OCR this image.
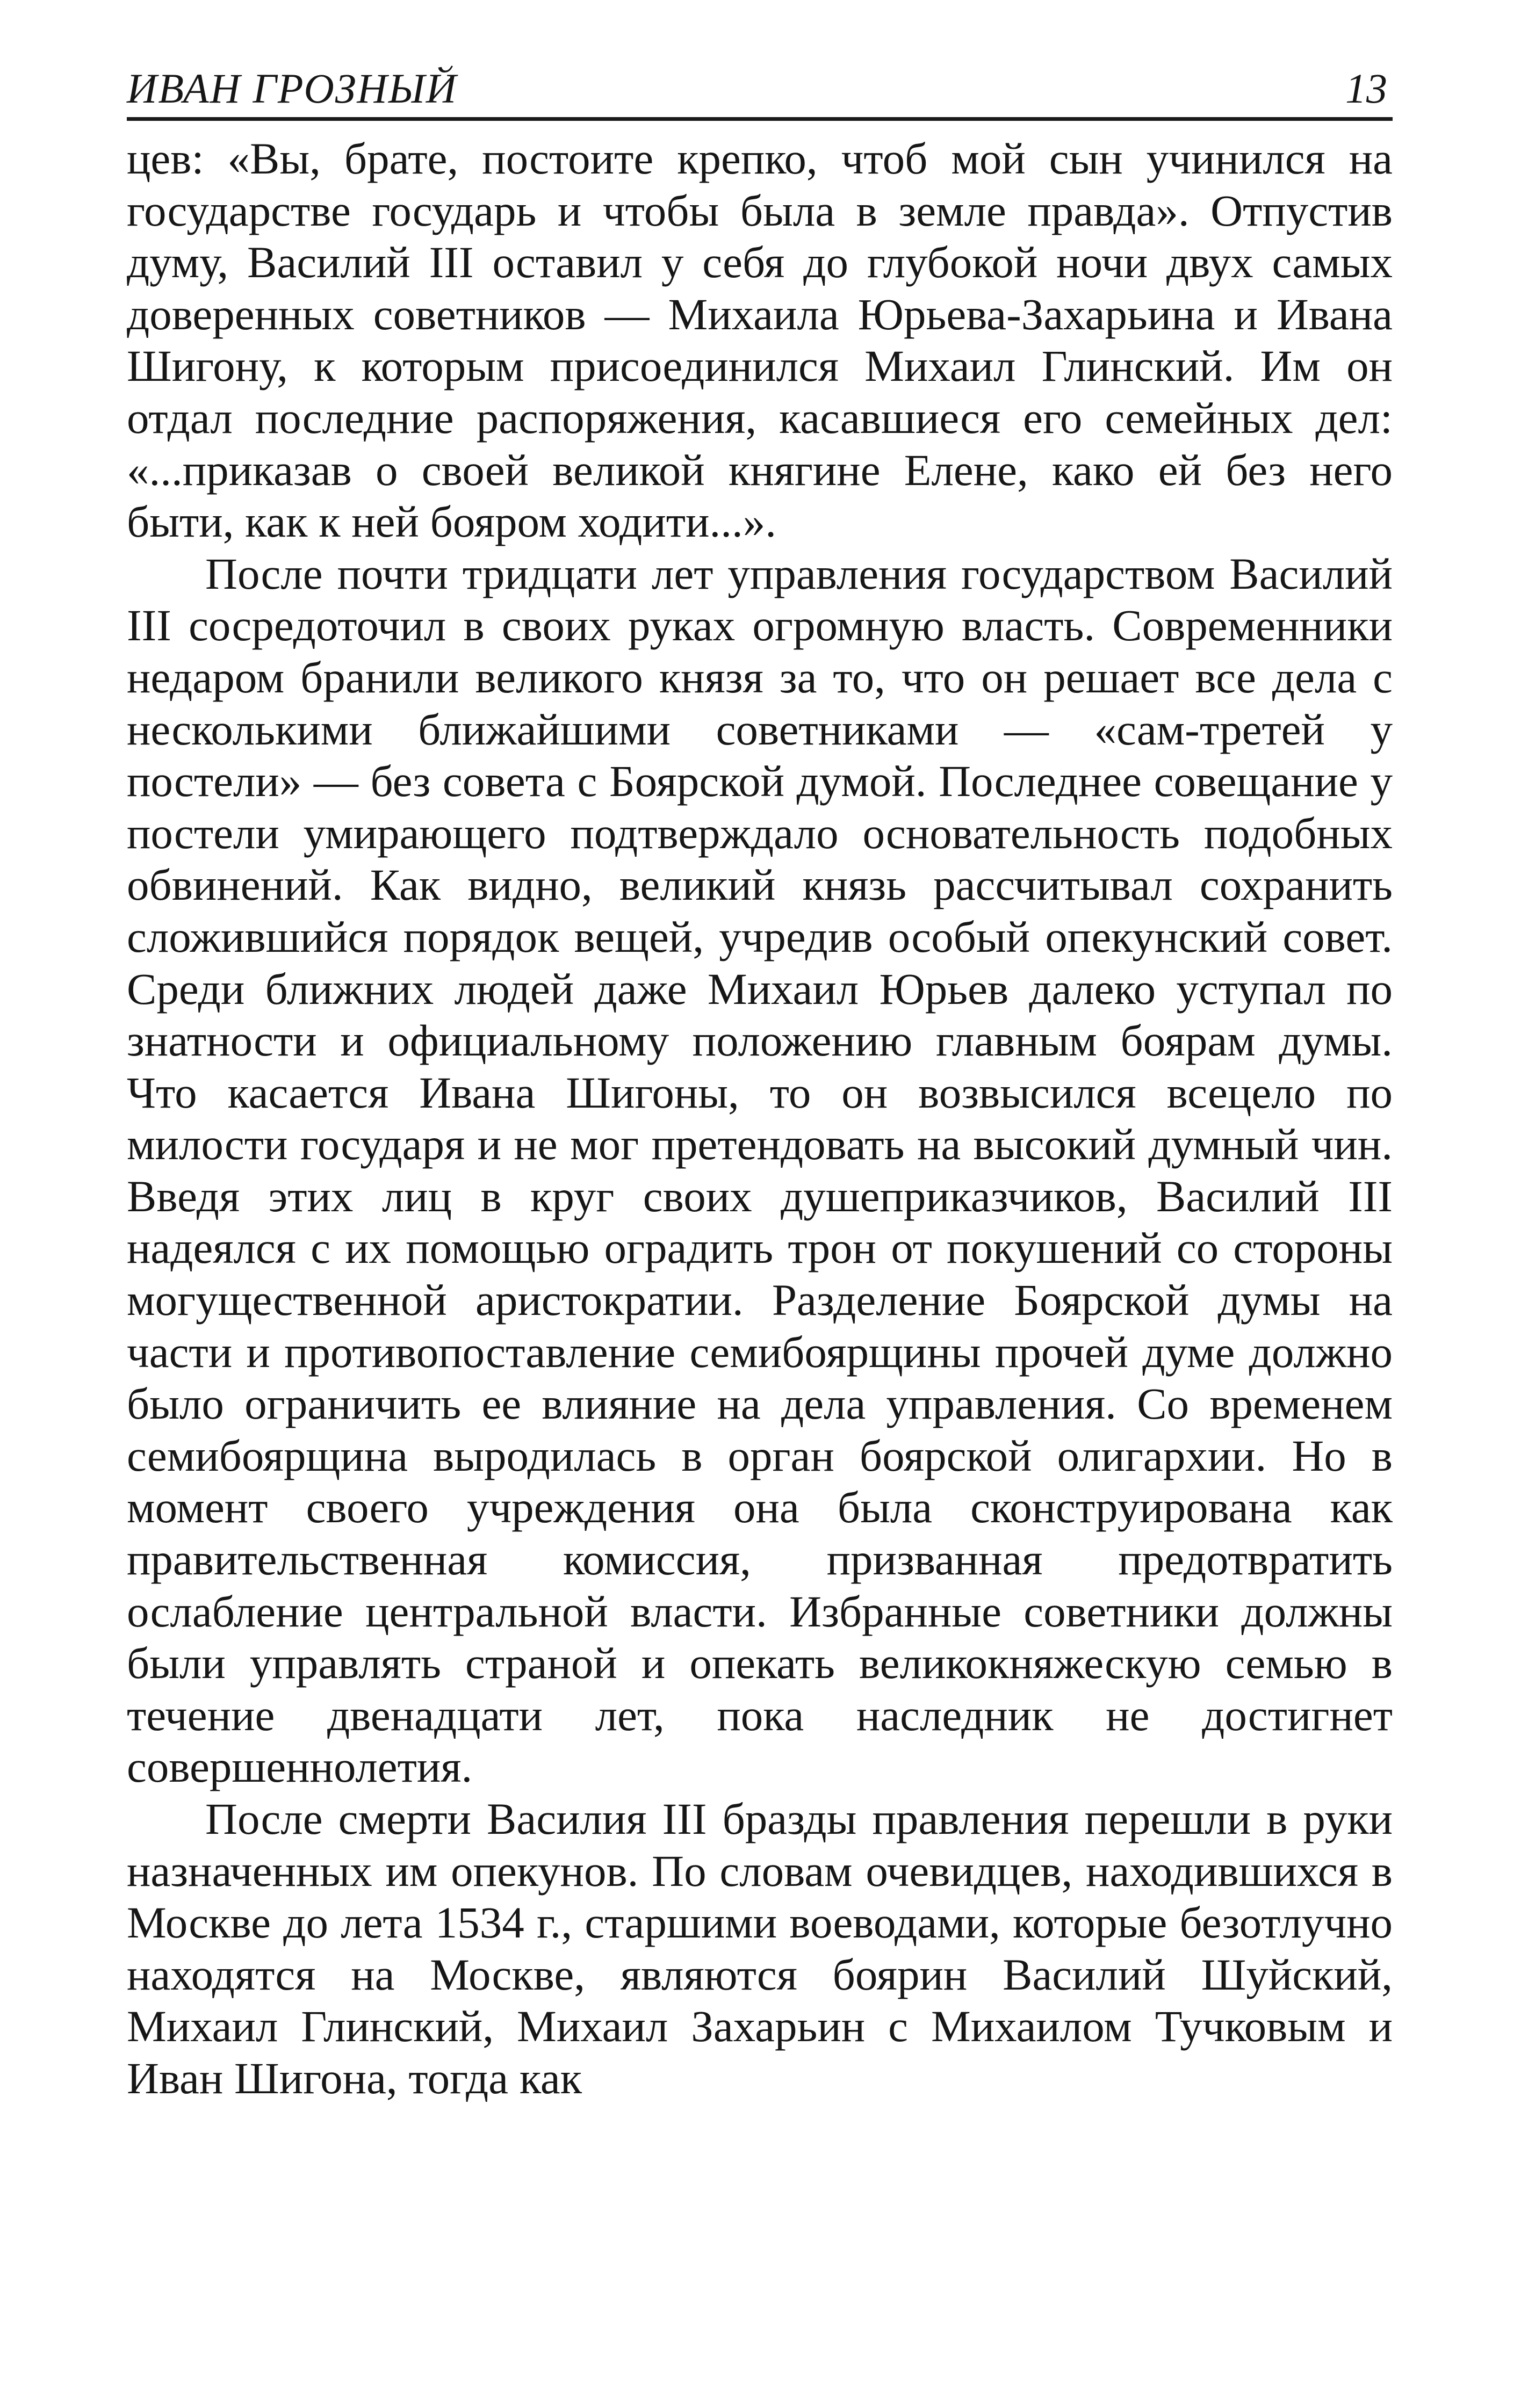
ИВАН ГРОЗНЫЙ	13

цев: «Вы, брате, постоите крепко, чтоб мой сын учинился на государстве государь и чтобы была в земле правда». Отпустив думу, Василий III оставил у себя до глубокой ночи двух самых доверенных советников — Михаила Юрьева-Захарьина и Ивана Шигону, к которым присоединился Михаил Глинский. Им он отдал последние распоряжения, касавшиеся его семейных дел: «...приказав о своей великой княгине Елене, како ей без него быти, как к ней бояром ходити...».

После почти тридцати лет управления государством Василий III сосредоточил в своих руках огромную власть. Современники недаром бранили великого князя за то, что он решает все дела с несколькими ближайшими советниками — «сам-третей у постели» — без совета с Боярской думой. Последнее совещание у постели умирающего подтверждало основательность подобных обвинений. Как видно, великий князь рассчитывал сохранить сложившийся порядок вещей, учредив особый опекунский совет. Среди ближних людей даже Михаил Юрьев далеко уступал по знатности и официальному положению главным боярам думы. Что касается Ивана Шигоны, то он возвысился всецело по милости государя и не мог претендовать на высокий думный чин. Введя этих лиц в круг своих душеприказчиков, Василий III надеялся с их помощью оградить трон от покушений со стороны могущественной аристократии. Разделение Боярской думы на части и противопоставление семибоярщины прочей думе должно было ограничить ее влияние на дела управления. Со временем семибоярщина выродилась в орган боярской олигархии. Но в момент своего учреждения она была сконструирована как правительственная комиссия, призванная предотвратить ослабление центральной власти. Избранные советники должны были управлять страной и опекать великокняжескую семью в течение двенадцати лет, пока наследник не достигнет совершеннолетия.

После смерти Василия III бразды правления перешли в руки назначенных им опекунов. По словам очевидцев, находившихся в Москве до лета 1534 г., старшими воеводами, которые безотлучно находятся на Москве, являются боярин Василий Шуйский, Михаил Глинский, Михаил Захарьин с Михаилом Тучковым и Иван Шигона, тогда как
